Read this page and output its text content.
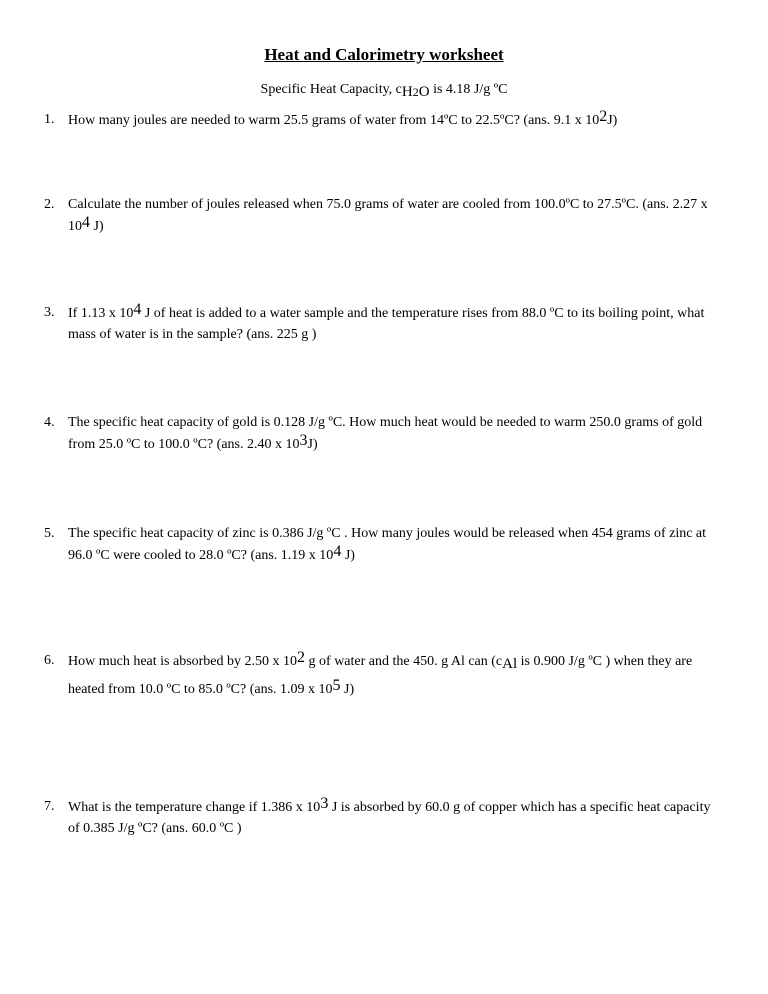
Heat and Calorimetry worksheet
Specific Heat Capacity, cH2O is 4.18 J/g ºC
1. How many joules are needed to warm 25.5 grams of water from 14ºC to 22.5ºC? (ans. 9.1 x 102J)
2. Calculate the number of joules released when 75.0 grams of water are cooled from 100.0ºC to 27.5ºC. (ans. 2.27 x 104 J)
3. If 1.13 x 104 J of heat is added to a water sample and the temperature rises from 88.0 ºC to its boiling point, what mass of water is in the sample? (ans. 225 g )
4. The specific heat capacity of gold is 0.128 J/g ºC. How much heat would be needed to warm 250.0 grams of gold from 25.0 ºC to 100.0 ºC? (ans. 2.40 x 103J)
5. The specific heat capacity of zinc is 0.386 J/g ºC . How many joules would be released when 454 grams of zinc at 96.0 ºC were cooled to 28.0 ºC? (ans. 1.19 x 104 J)
6. How much heat is absorbed by 2.50 x 102 g of water and the 450. g Al can (cAl is 0.900 J/g ºC ) when they are heated from 10.0 ºC to 85.0 ºC? (ans. 1.09 x 105 J)
7. What is the temperature change if 1.386 x 103 J is absorbed by 60.0 g of copper which has a specific heat capacity of 0.385 J/g ºC? (ans. 60.0 ºC )
